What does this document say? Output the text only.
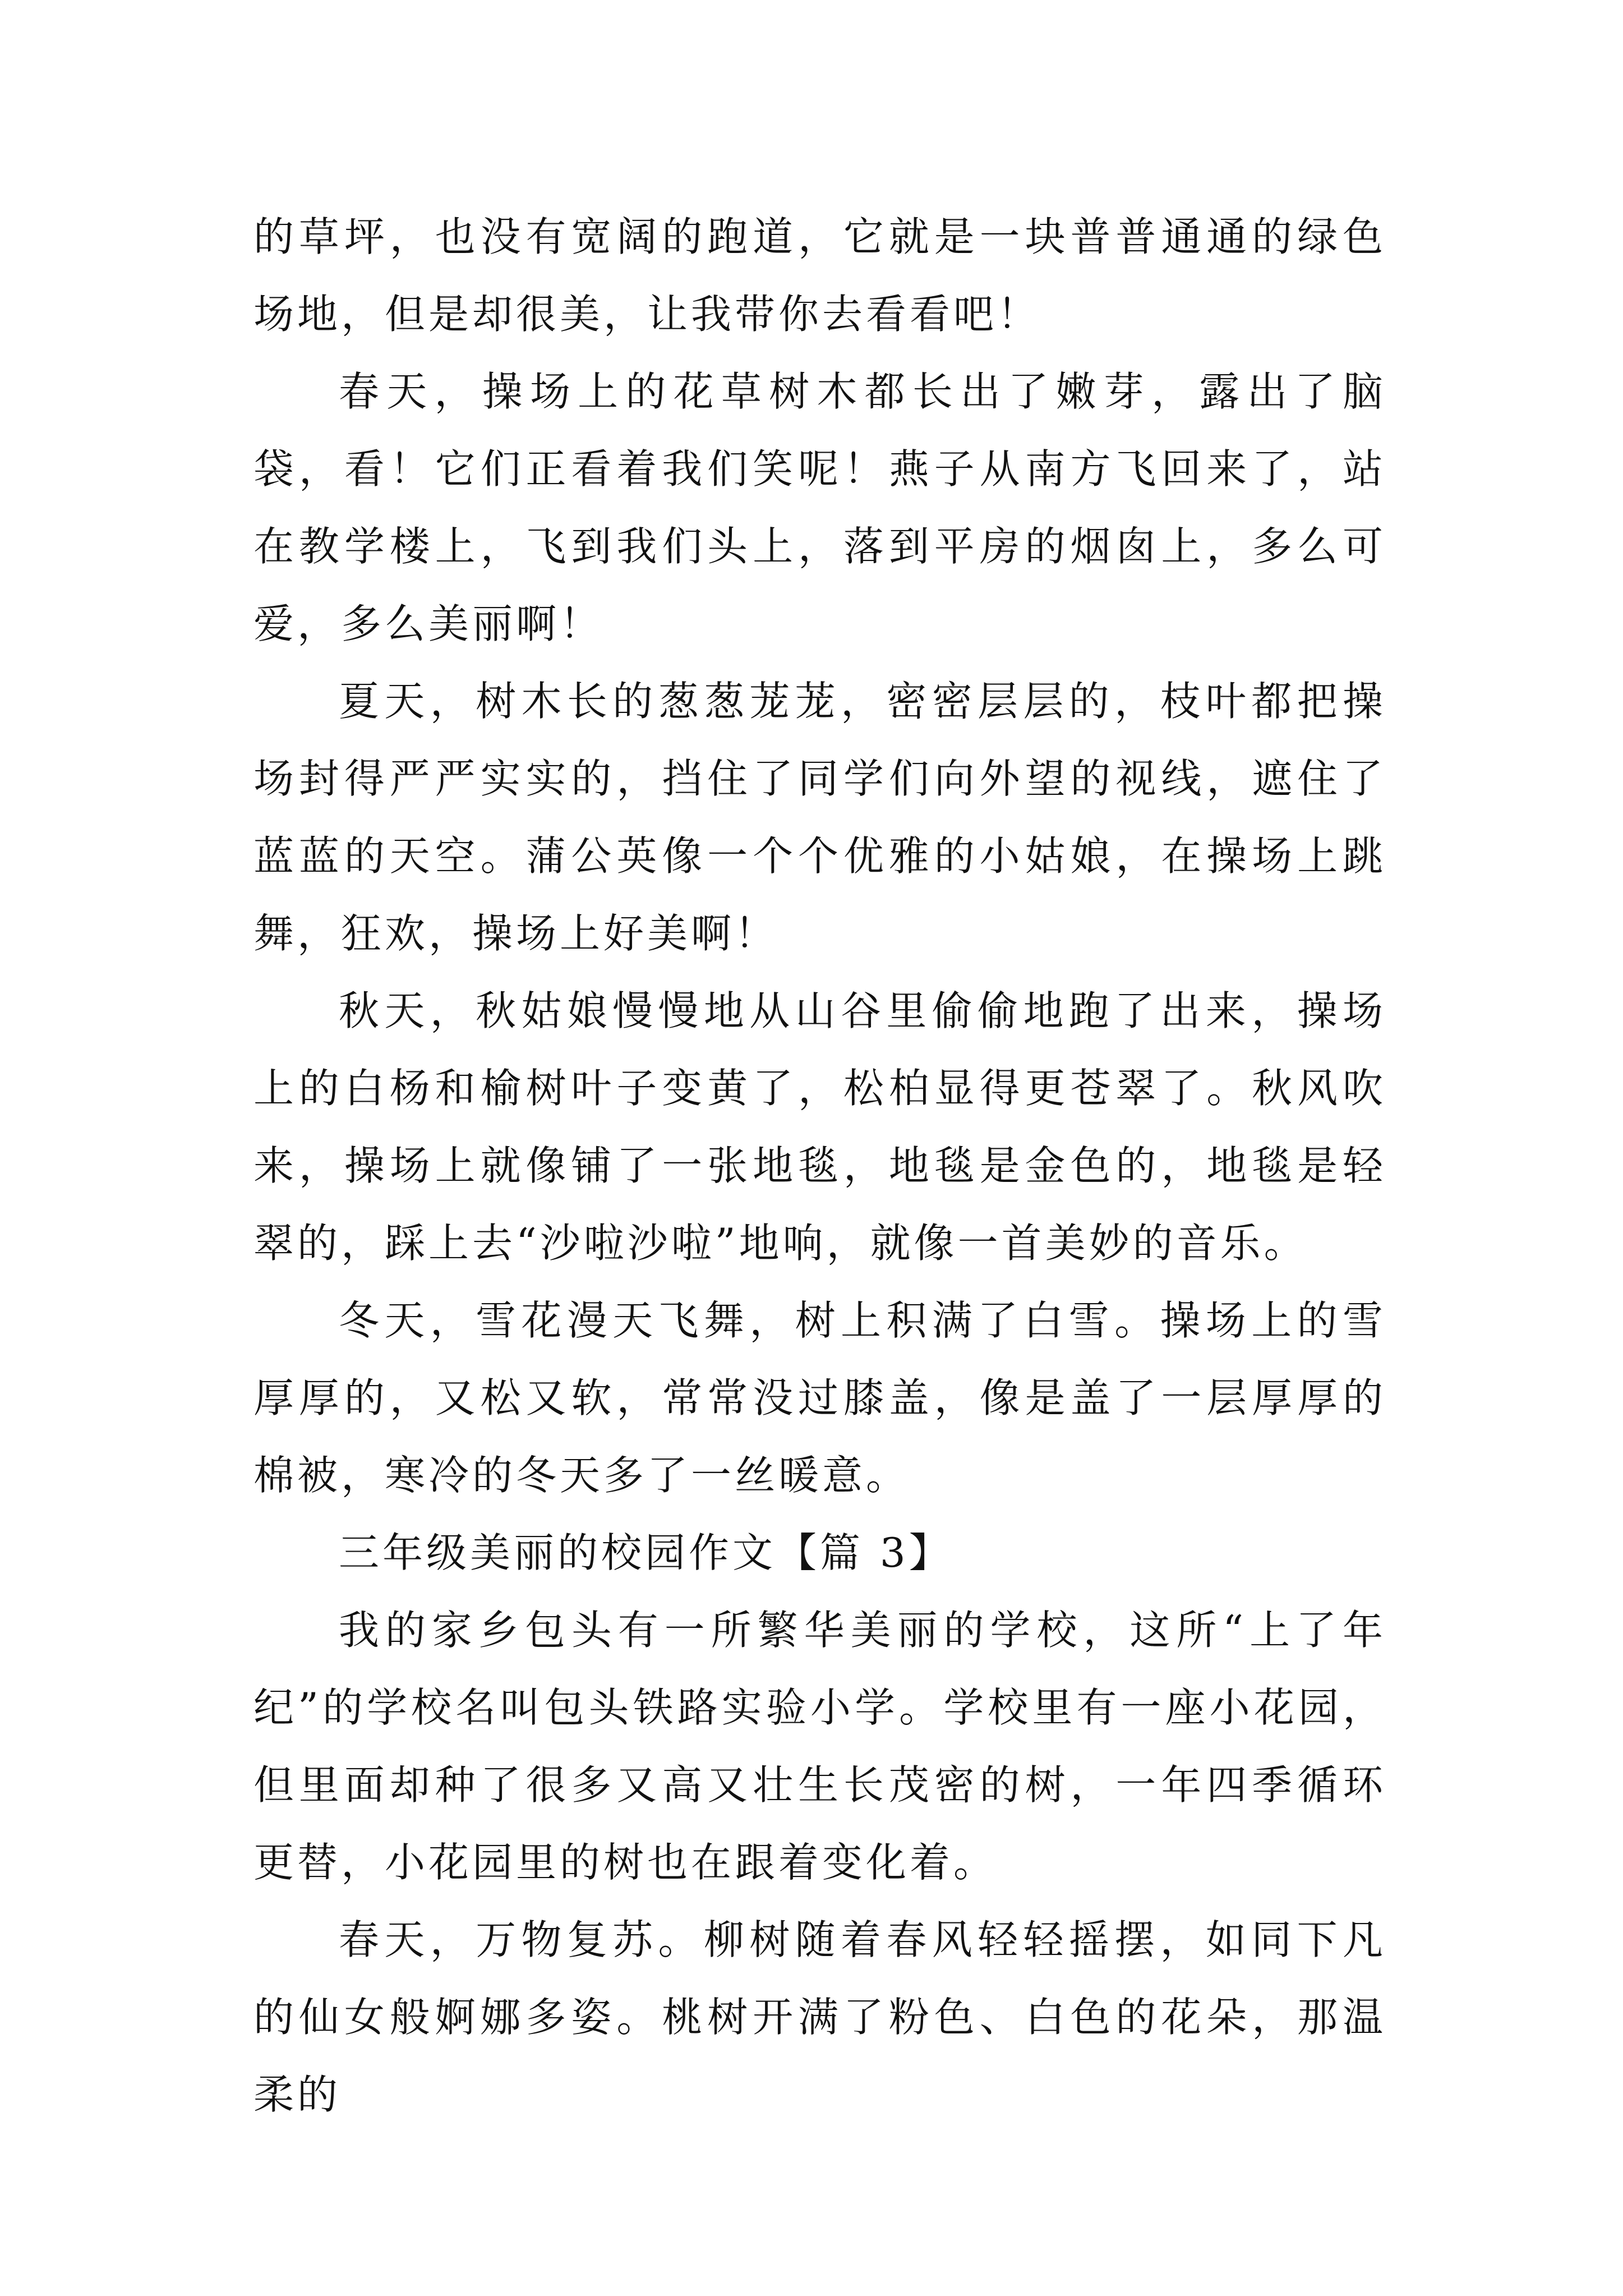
的草坪，也没有宽阔的跑道，它就是一块普普通通的绿色场地，但是却很美，让我带你去看看吧！

春天，操场上的花草树木都长出了嫩芽，露出了脑袋，看！它们正看着我们笑呢！燕子从南方飞回来了，站在教学楼上，飞到我们头上，落到平房的烟囱上，多么可爱，多么美丽啊！

夏天，树木长的葱葱茏茏，密密层层的，枝叶都把操场封得严严实实的，挡住了同学们向外望的视线，遮住了蓝蓝的天空。蒲公英像一个个优雅的小姑娘，在操场上跳舞，狂欢，操场上好美啊！

秋天，秋姑娘慢慢地从山谷里偷偷地跑了出来，操场上的白杨和榆树叶子变黄了，松柏显得更苍翠了。秋风吹来，操场上就像铺了一张地毯，地毯是金色的，地毯是轻翠的，踩上去“沙啦沙啦”地响，就像一首美妙的音乐。

冬天，雪花漫天飞舞，树上积满了白雪。操场上的雪厚厚的，又松又软，常常没过膝盖，像是盖了一层厚厚的棉被，寒冷的冬天多了一丝暖意。

三年级美丽的校园作文【篇 3】

我的家乡包头有一所繁华美丽的学校，这所“上了年纪”的学校名叫包头铁路实验小学。学校里有一座小花园，但里面却种了很多又高又壮生长茂密的树，一年四季循环更替，小花园里的树也在跟着变化着。

春天，万物复苏。柳树随着春风轻轻摇摆，如同下凡的仙女般婀娜多姿。桃树开满了粉色、白色的花朵，那温柔的
